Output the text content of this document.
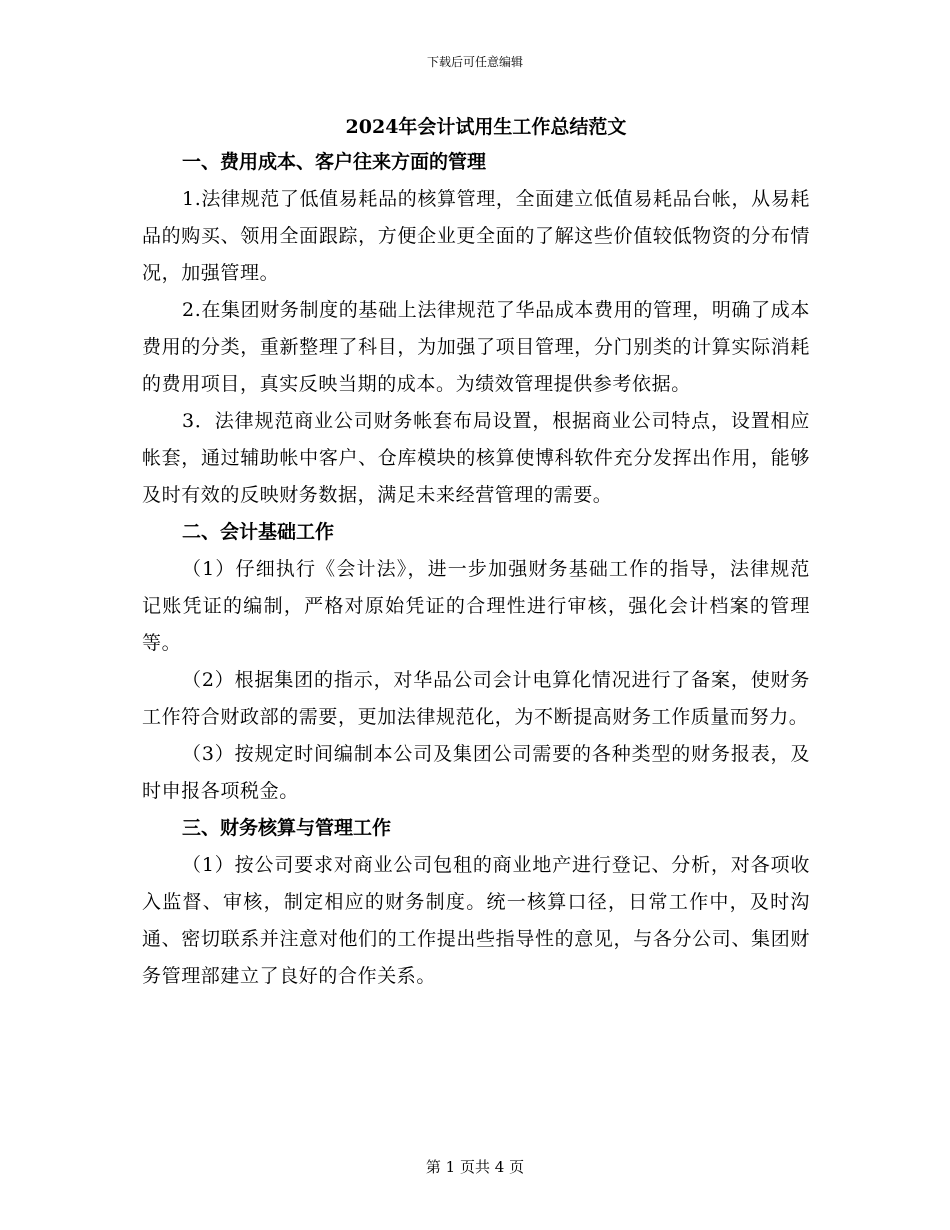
下载后可任意编辑
2024年会计试用生工作总结范文
一、费用成本、客户往来方面的管理

1.法律规范了低值易耗品的核算管理，全面建立低值易耗品台帐，从易耗品的购买、领用全面跟踪，方便企业更全面的了解这些价值较低物资的分布情况，加强管理。

2.在集团财务制度的基础上法律规范了华品成本费用的管理，明确了成本费用的分类，重新整理了科目，为加强了项目管理，分门别类的计算实际消耗的费用项目，真实反映当期的成本。为绩效管理提供参考依据。

3．法律规范商业公司财务帐套布局设置，根据商业公司特点，设置相应帐套，通过辅助帐中客户、仓库模块的核算使博科软件充分发挥出作用，能够及时有效的反映财务数据，满足未来经营管理的需要。

二、会计基础工作

（1）仔细执行《会计法》，进一步加强财务基础工作的指导，法律规范记账凭证的编制，严格对原始凭证的合理性进行审核，强化会计档案的管理等。

（2）根据集团的指示，对华品公司会计电算化情况进行了备案，使财务工作符合财政部的需要，更加法律规范化，为不断提高财务工作质量而努力。

（3）按规定时间编制本公司及集团公司需要的各种类型的财务报表，及时申报各项税金。

三、财务核算与管理工作

（1）按公司要求对商业公司包租的商业地产进行登记、分析，对各项收入监督、审核，制定相应的财务制度。统一核算口径，日常工作中，及时沟通、密切联系并注意对他们的工作提出些指导性的意见，与各分公司、集团财务管理部建立了良好的合作关系。

第 1 页共 4 页
